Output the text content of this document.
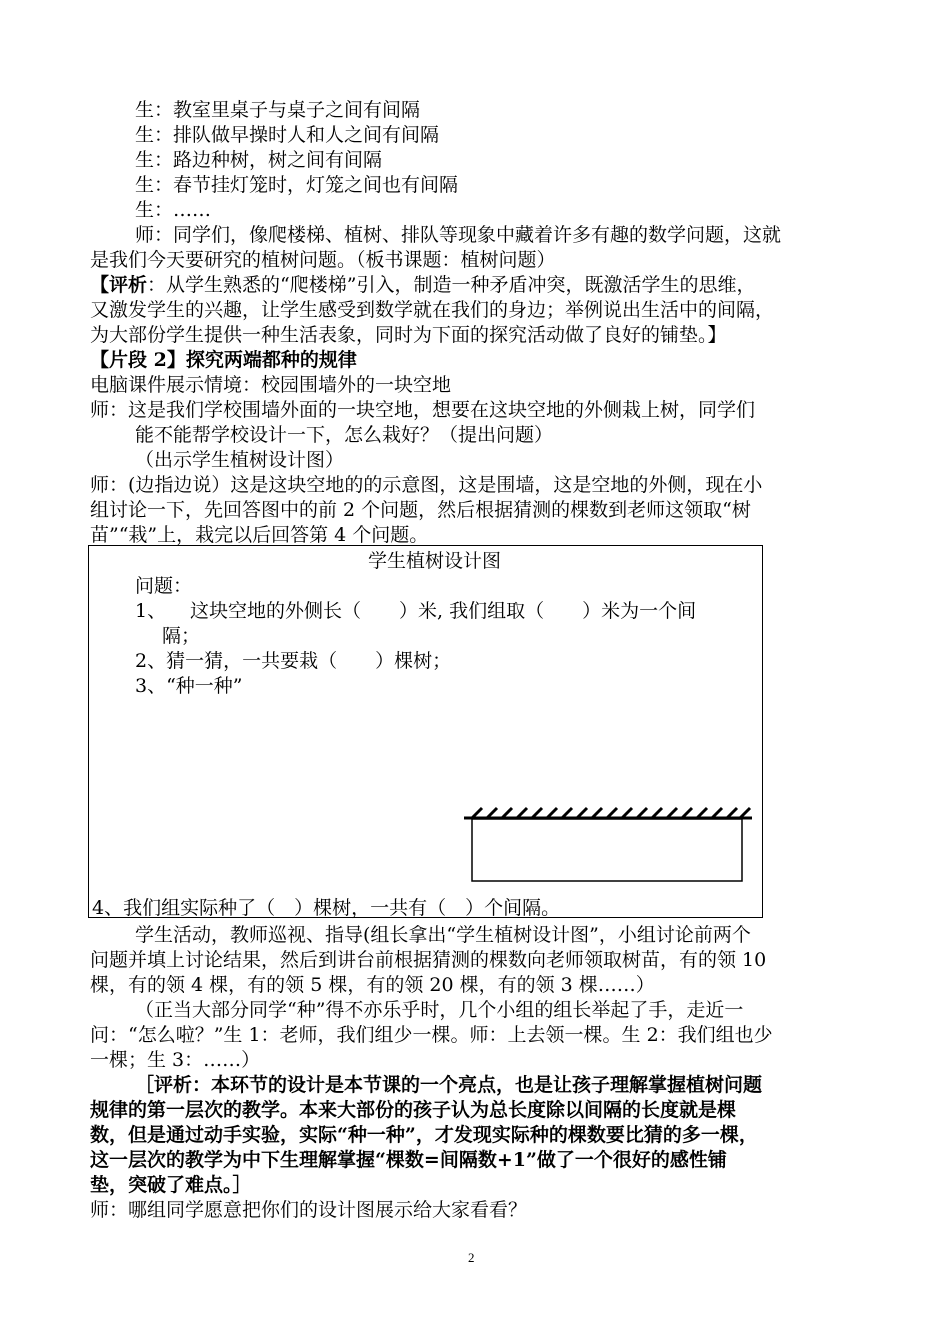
生：教室里桌子与桌子之间有间隔
生：排队做早操时人和人之间有间隔
生：路边种树，树之间有间隔
生：春节挂灯笼时，灯笼之间也有间隔
生：……
师：同学们，像爬楼梯、植树、排队等现象中藏着许多有趣的数学问题，这就
是我们今天要研究的植树问题。（板书课题：植树问题）
【评析：从学生熟悉的“爬楼梯”引入，制造一种矛盾冲突，既激活学生的思维，
又激发学生的兴趣，让学生感受到数学就在我们的身边；举例说出生活中的间隔，
为大部份学生提供一种生活表象，同时为下面的探究活动做了良好的铺垫。】
【片段 2】探究两端都种的规律
电脑课件展示情境：校园围墙外的一块空地
师：这是我们学校围墙外面的一块空地，想要在这块空地的外侧栽上树，同学们
能不能帮学校设计一下，怎么栽好？（提出问题）
（出示学生植树设计图）
师：(边指边说）这是这块空地的的示意图，这是围墙，这是空地的外侧，现在小
组讨论一下，先回答图中的前 2 个问题，然后根据猜测的棵数到老师这领取“树
苗”“栽”上，栽完以后回答第 4 个问题。
学生植树设计图
问题：
1、 这块空地的外侧长（　　）米, 我们组取（　　）米为一个间
隔；
2、猜一猜，一共要栽（　　）棵树；
3、“种一种”
4、我们组实际种了（　）棵树，一共有（　）个间隔。
学生活动，教师巡视、指导(组长拿出“学生植树设计图”，小组讨论前两个
问题并填上讨论结果，然后到讲台前根据猜测的棵数向老师领取树苗，有的领 10
棵，有的领 4 棵，有的领 5 棵，有的领 20 棵，有的领 3 棵……）
（正当大部分同学“种”得不亦乐乎时，几个小组的组长举起了手，走近一
问：“怎么啦？”生 1：老师，我们组少一棵。师：上去领一棵。生 2：我们组也少
一棵；生 3：……）
［评析：本环节的设计是本节课的一个亮点，也是让孩子理解掌握植树问题
规律的第一层次的教学。本来大部份的孩子认为总长度除以间隔的长度就是棵
数，但是通过动手实验，实际“种一种”，才发现实际种的棵数要比猜的多一棵，
这一层次的教学为中下生理解掌握“棵数=间隔数+1”做了一个很好的感性铺
垫，突破了难点。］
师：哪组同学愿意把你们的设计图展示给大家看看？
2
